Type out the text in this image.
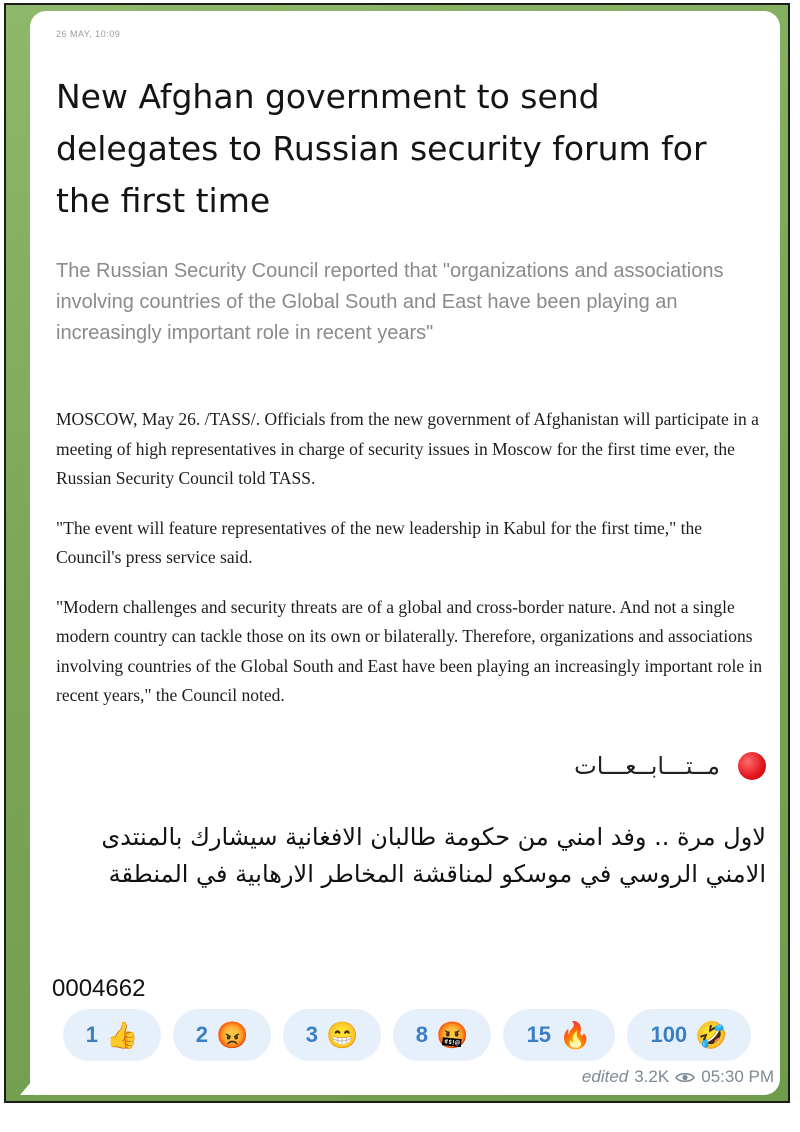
26 MAY, 10:09
New Afghan government to send delegates to Russian security forum for the first time

The Russian Security Council reported that "organizations and associations involving countries of the Global South and East have been playing an increasingly important role in recent years"

MOSCOW, May 26. /TASS/. Officials from the new government of Afghanistan will participate in a meeting of high representatives in charge of security issues in Moscow for the first time ever, the Russian Security Council told TASS.

"The event will feature representatives of the new leadership in Kabul for the first time," the Council's press service said.

"Modern challenges and security threats are of a global and cross-border nature. And not a single modern country can tackle those on its own or bilaterally. Therefore, organizations and associations involving countries of the Global South and East have been playing an increasingly important role in recent years," the Council noted.

مــتـــابــعـــات

لاول مرة .. وفد امني من حكومة طالبان الافغانية سيشارك بالمنتدى الامني الروسي في موسكو لمناقشة المخاطر الارهابية في المنطقة

0004662
1 👍	2 😡	3 😁	8 🤬	15 🔥	100 🤣
edited 3.2K 05:30 PM
